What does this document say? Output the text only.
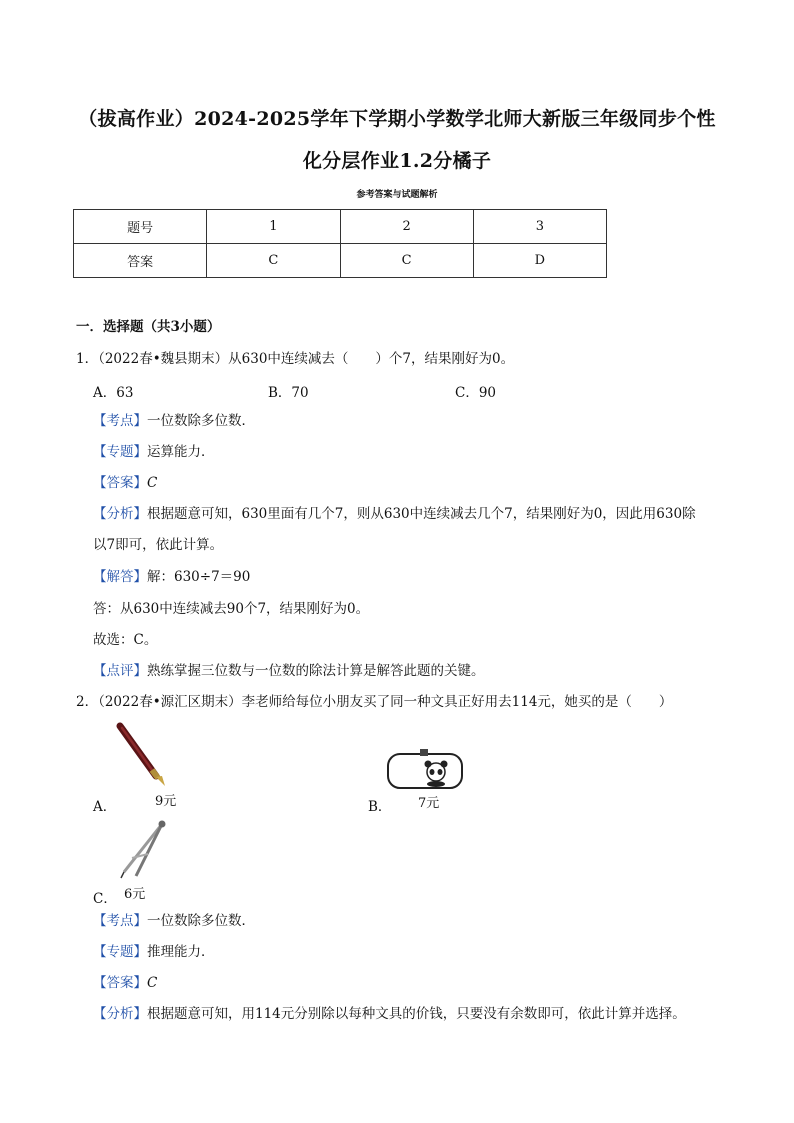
（拔高作业）2024-2025学年下学期小学数学北师大新版三年级同步个性
化分层作业1.2分橘子
参考答案与试题解析
题号	1	2	3
答案	C	C	D
一．选择题（共3小题）
1．（2022春•魏县期末）从630中连续减去（　　）个7，结果刚好为0。
A．63	B．70	C．90
【考点】一位数除多位数．
【专题】运算能力．
【答案】C
【分析】根据题意可知，630里面有几个7，则从630中连续减去几个7，结果刚好为0，因此用630除
以7即可，依此计算。
【解答】解：630÷7＝90
答：从630中连续减去90个7，结果刚好为0。
故选：C。
【点评】熟练掌握三位数与一位数的除法计算是解答此题的关键。
2．（2022春•源汇区期末）李老师给每位小朋友买了同一种文具正好用去114元，她买的是（　　）
A．	9元	B． 7元
C． 6元
【考点】一位数除多位数．
【专题】推理能力．
【答案】C
【分析】根据题意可知，用114元分别除以每种文具的价钱，只要没有余数即可，依此计算并选择。
